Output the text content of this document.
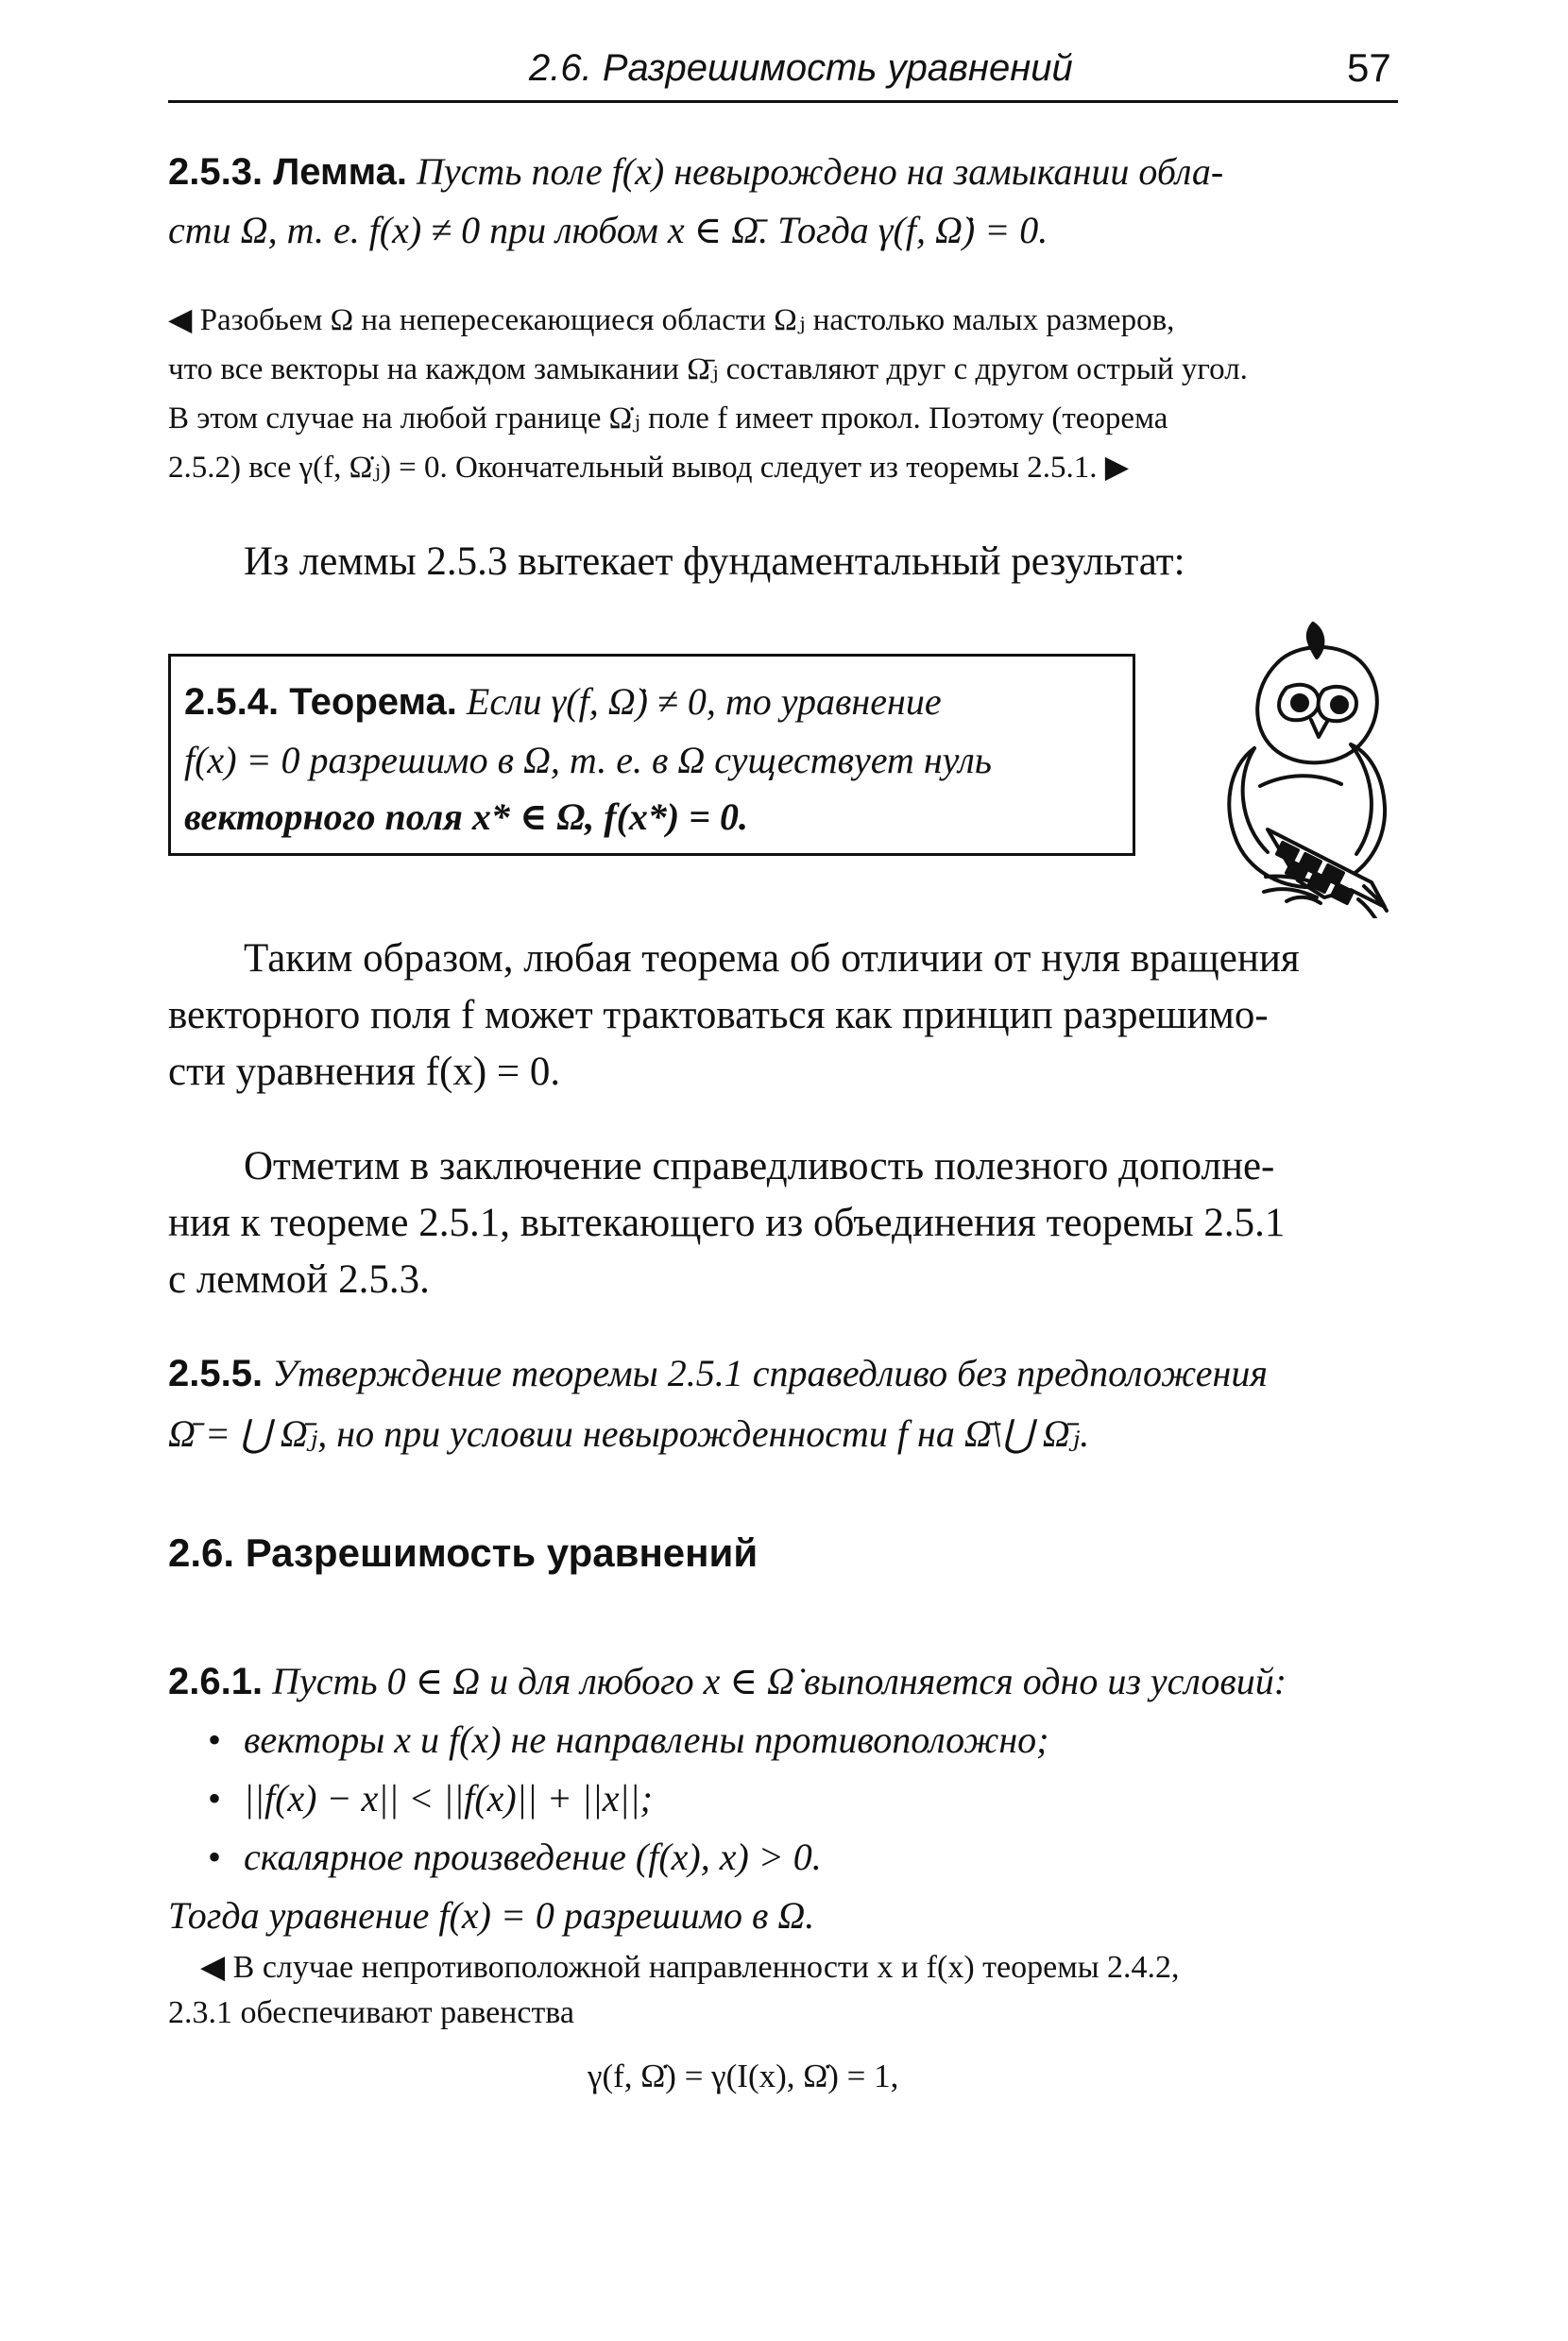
2.6. Разрешимость уравнений	57
2.5.3. Лемма. Пусть поле f(x) невырождено на замыкании обла-
сти Ω, т. е. f(x) ≠ 0 при любом x ∈ Ω̄. Тогда γ(f, Ω̇) = 0.
◀ Разобьем Ω на непересекающиеся области Ωⱼ настолько малых размеров,
что все векторы на каждом замыкании Ω̄ⱼ составляют друг с другом острый угол.
В этом случае на любой границе Ω̇ⱼ поле f имеет прокол. Поэтому (теорема
2.5.2) все γ(f, Ω̇ⱼ) = 0. Окончательный вывод следует из теоремы 2.5.1. ▶
Из леммы 2.5.3 вытекает фундаментальный результат:
2.5.4. Теорема. Если γ(f, Ω̇) ≠ 0, то уравнение
f(x) = 0 разрешимо в Ω, т. е. в Ω существует нуль
векторного поля x* ∈ Ω, f(x*) = 0.
Таким образом, любая теорема об отличии от нуля вращения
векторного поля f может трактоваться как принцип разрешимо-
сти уравнения f(x) = 0.
Отметим в заключение справедливость полезного дополне-
ния к теореме 2.5.1, вытекающего из объединения теоремы 2.5.1
с леммой 2.5.3.
2.5.5. Утверждение теоремы 2.5.1 справедливо без предположения
Ω̄ = ⋃ Ω̄ⱼ, но при условии невырожденности f на Ω̄\⋃ Ω̄ⱼ.
2.6. Разрешимость уравнений
2.6.1. Пусть 0 ∈ Ω и для любого x ∈ Ω̇ выполняется одно из условий:
• векторы x и f(x) не направлены противоположно;
• ||f(x) − x|| < ||f(x)|| + ||x||;
• скалярное произведение (f(x), x) > 0.
Тогда уравнение f(x) = 0 разрешимо в Ω.
◀ В случае непротивоположной направленности x и f(x) теоремы 2.4.2,
2.3.1 обеспечивают равенства
γ(f, Ω̇) = γ(I(x), Ω̇) = 1,
